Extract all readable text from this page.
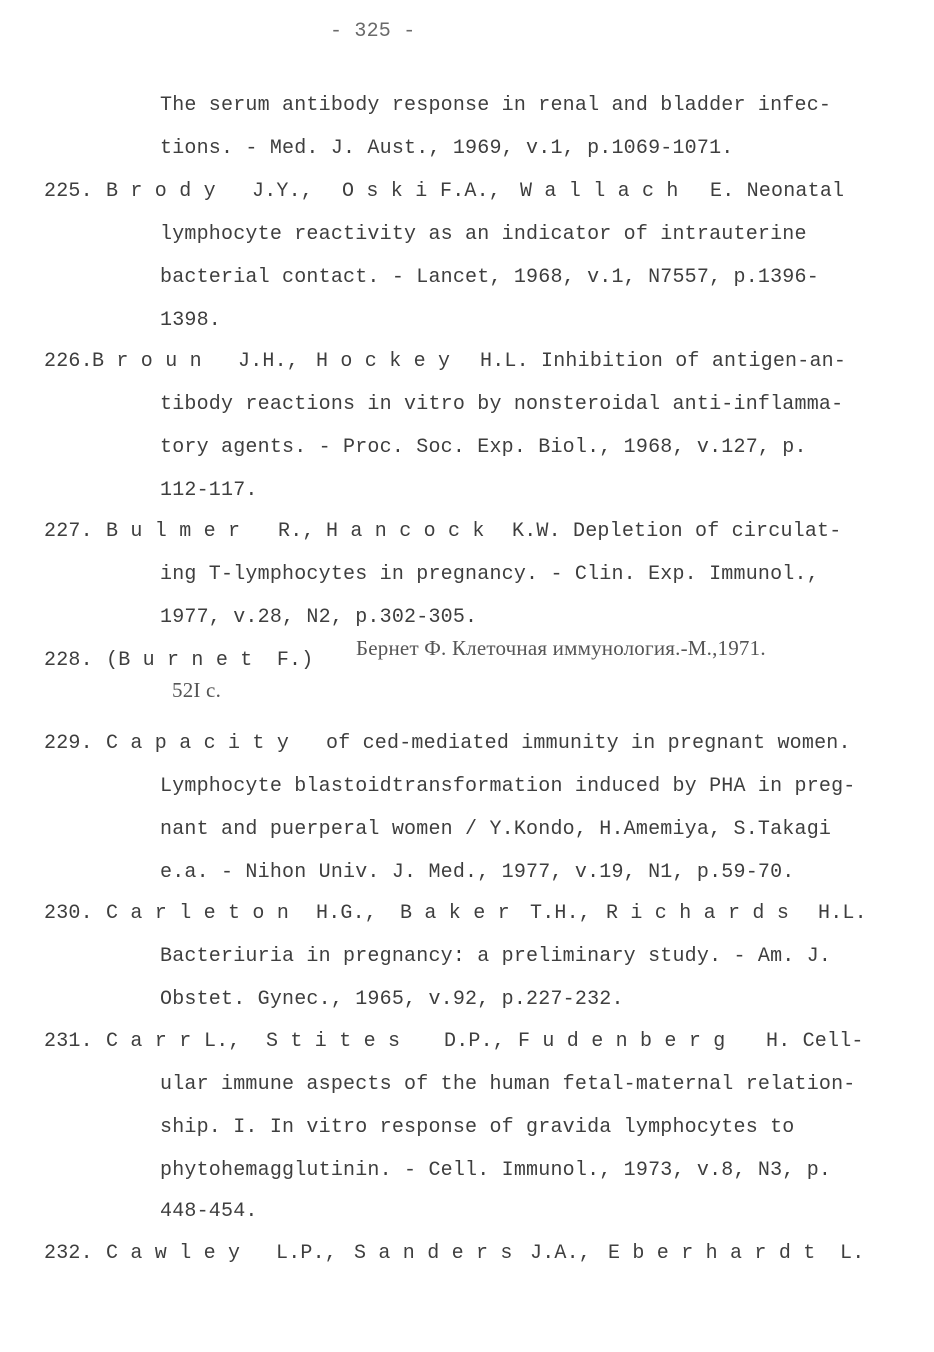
- 325 -
The serum antibody response in renal and bladder infec-
tions. - Med. J. Aust., 1969, v.1, p.1069-1071.
225. B r o d y J.Y., O s k i F.A., W a l l a c h E. Neonatal
lymphocyte reactivity as an indicator of intrauterine
bacterial contact. - Lancet, 1968, v.1, N7557, p.1396-
1398.
226. B r o u n J.H., H o c k e y H.L. Inhibition of antigen-an-
tibody reactions in vitro by nonsteroidal anti-inflamma-
tory agents. - Proc. Soc. Exp. Biol., 1968, v.127, p.
112-117.
227. B u l m e r R., H a n c o c k K.W. Depletion of circulat-
ing T-lymphocytes in pregnancy. - Clin. Exp. Immunol.,
1977, v.28, N2, p.302-305.
228. (B u r n e t  F.)
Бернет Ф. Клеточная иммунология.-М.,1971.
52I с.
229. C a p a c i t y of ced-mediated immunity in pregnant women.
Lymphocyte blastoidtransformation induced by PHA in preg-
nant and puerperal women / Y.Kondo, H.Amemiya, S.Takagi
e.a. - Nihon Univ. J. Med., 1977, v.19, N1, p.59-70.
230. C a r l e t o n H.G., B a k e r T.H., R i c h a r d s H.L.
Bacteriuria in pregnancy: a preliminary study. - Am. J.
Obstet. Gynec., 1965, v.92, p.227-232.
231. C a r r L., S t i t e s D.P., F u d e n b e r g H. Cell-
ular immune aspects of the human fetal-maternal relation-
ship. I. In vitro response of gravida lymphocytes to
phytohemagglutinin. - Cell. Immunol., 1973, v.8, N3, p.
448-454.
232. C a w l e y L.P., S a n d e r s J.A., E b e r h a r d t L.
